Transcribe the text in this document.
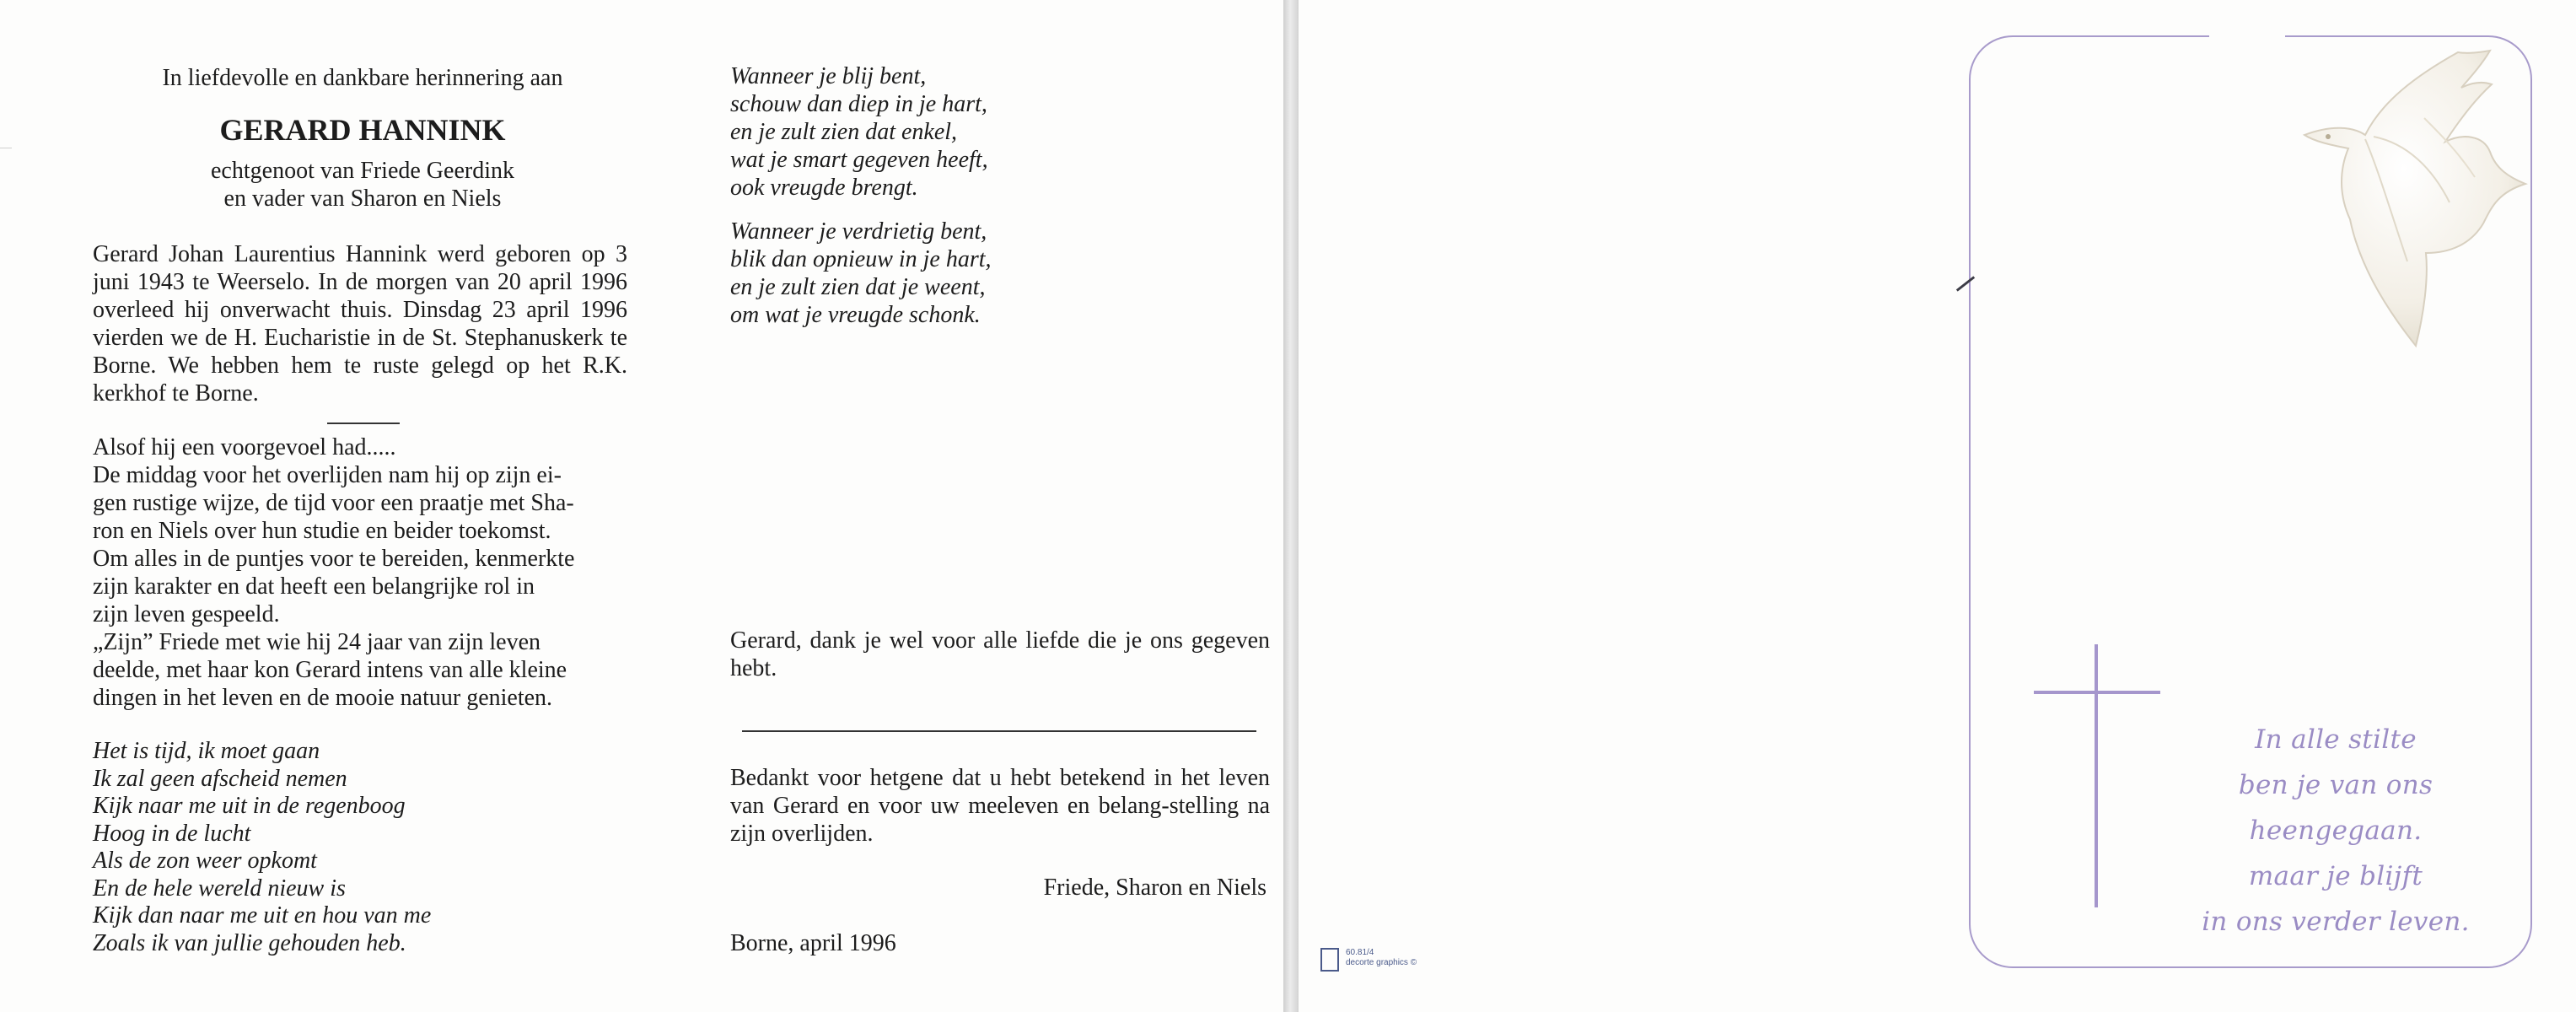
In liefdevolle en dankbare herinnering aan
GERARD HANNINK
echtgenoot van Friede Geerdink
en vader van Sharon en Niels
Gerard Johan Laurentius Hannink werd geboren op 3 juni 1943 te Weerselo. In de morgen van 20 april 1996 overleed hij onverwacht thuis. Dinsdag 23 april 1996 vierden we de H. Eucharistie in de St. Stephanuskerk te Borne. We hebben hem te ruste gelegd op het R.K. kerkhof te Borne.
Alsof hij een voorgevoel had.....
De middag voor het overlijden nam hij op zijn ei-
gen rustige wijze, de tijd voor een praatje met Sha-
ron en Niels over hun studie en beider toekomst.
Om alles in de puntjes voor te bereiden, kenmerkte
zijn karakter en dat heeft een belangrijke rol in
zijn leven gespeeld.
„Zijn” Friede met wie hij 24 jaar van zijn leven
deelde, met haar kon Gerard intens van alle kleine
dingen in het leven en de mooie natuur genieten.
Het is tijd, ik moet gaan
Ik zal geen afscheid nemen
Kijk naar me uit in de regenboog
Hoog in de lucht
Als de zon weer opkomt
En de hele wereld nieuw is
Kijk dan naar me uit en hou van me
Zoals ik van jullie gehouden heb.
Wanneer je blij bent,
schouw dan diep in je hart,
en je zult zien dat enkel,
wat je smart gegeven heeft,
ook vreugde brengt.
Wanneer je verdrietig bent,
blik dan opnieuw in je hart,
en je zult zien dat je weent,
om wat je vreugde schonk.
Gerard, dank je wel voor alle liefde die je ons gegeven hebt.
Bedankt voor hetgene dat u hebt betekend in het leven van Gerard en voor uw meeleven en belang-stelling na zijn overlijden.
Friede, Sharon en Niels
Borne, april 1996
In alle stilte
ben je van ons heengegaan.
maar je blijft
in ons verder leven.
60.81/4
decorte graphics ©
